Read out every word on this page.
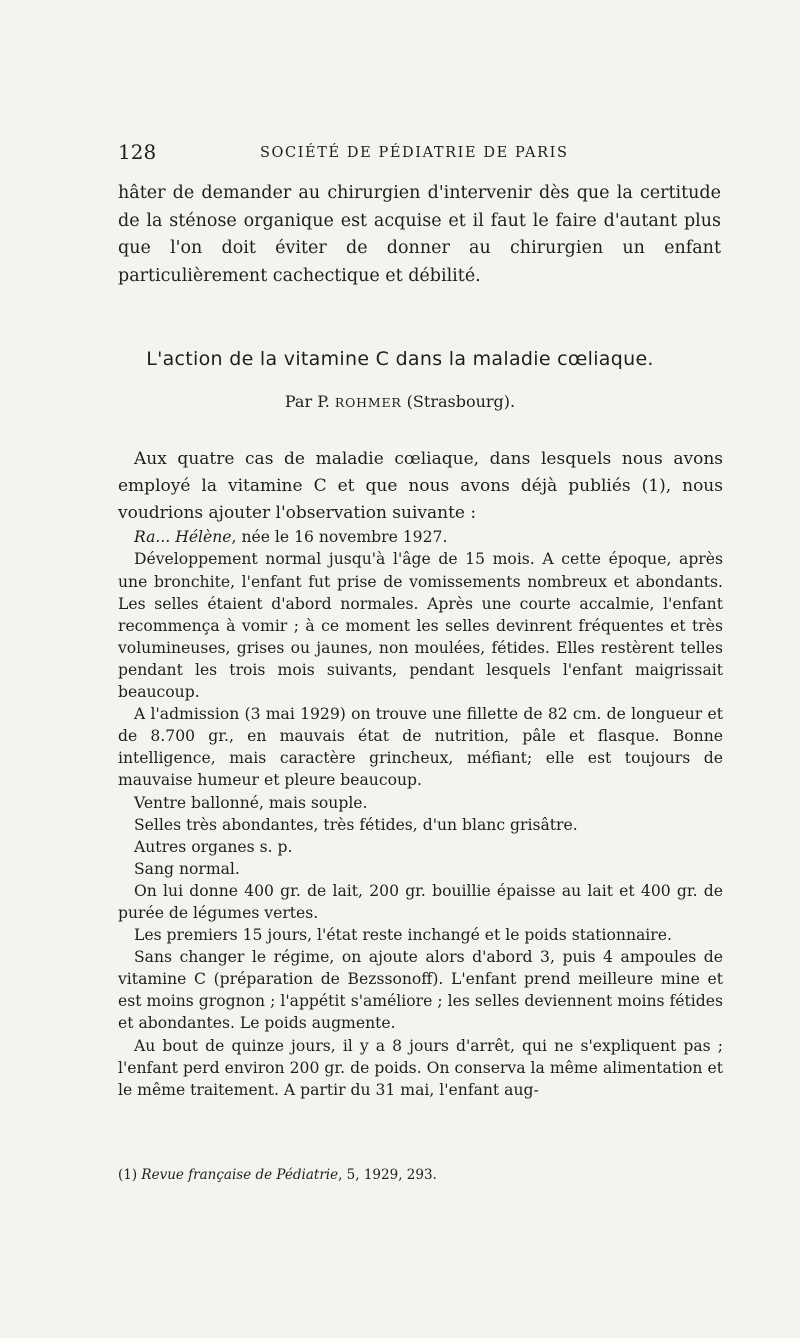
128	SOCIÉTÉ DE PÉDIATRIE DE PARIS

hâter de demander au chirurgien d'intervenir dès que la certitude de la sténose organique est acquise et il faut le faire d'autant plus que l'on doit éviter de donner au chirurgien un enfant particulièrement cachectique et débilité.

L'action de la vitamine C dans la maladie cœliaque.
Par P. ROHMER (Strasbourg).

Aux quatre cas de maladie cœliaque, dans lesquels nous avons employé la vitamine C et que nous avons déjà publiés (1), nous voudrions ajouter l'observation suivante :

Ra... Hélène, née le 16 novembre 1927.

Développement normal jusqu'à l'âge de 15 mois. A cette époque, après une bronchite, l'enfant fut prise de vomissements nombreux et abondants. Les selles étaient d'abord normales. Après une courte accalmie, l'enfant recommença à vomir ; à ce moment les selles devinrent fréquentes et très volumineuses, grises ou jaunes, non moulées, fétides. Elles restèrent telles pendant les trois mois suivants, pendant lesquels l'enfant maigrissait beaucoup.

A l'admission (3 mai 1929) on trouve une fillette de 82 cm. de longueur et de 8.700 gr., en mauvais état de nutrition, pâle et flasque. Bonne intelligence, mais caractère grincheux, méfiant; elle est toujours de mauvaise humeur et pleure beaucoup.

Ventre ballonné, mais souple.

Selles très abondantes, très fétides, d'un blanc grisâtre.

Autres organes s. p.

Sang normal.

On lui donne 400 gr. de lait, 200 gr. bouillie épaisse au lait et 400 gr. de purée de légumes vertes.

Les premiers 15 jours, l'état reste inchangé et le poids stationnaire.

Sans changer le régime, on ajoute alors d'abord 3, puis 4 ampoules de vitamine C (préparation de Bezssonoff). L'enfant prend meilleure mine et est moins grognon ; l'appétit s'améliore ; les selles deviennent moins fétides et abondantes. Le poids augmente.

Au bout de quinze jours, il y a 8 jours d'arrêt, qui ne s'expliquent pas ; l'enfant perd environ 200 gr. de poids. On conserva la même alimentation et le même traitement. A partir du 31 mai, l'enfant aug-

(1) Revue française de Pédiatrie, 5, 1929, 293.
